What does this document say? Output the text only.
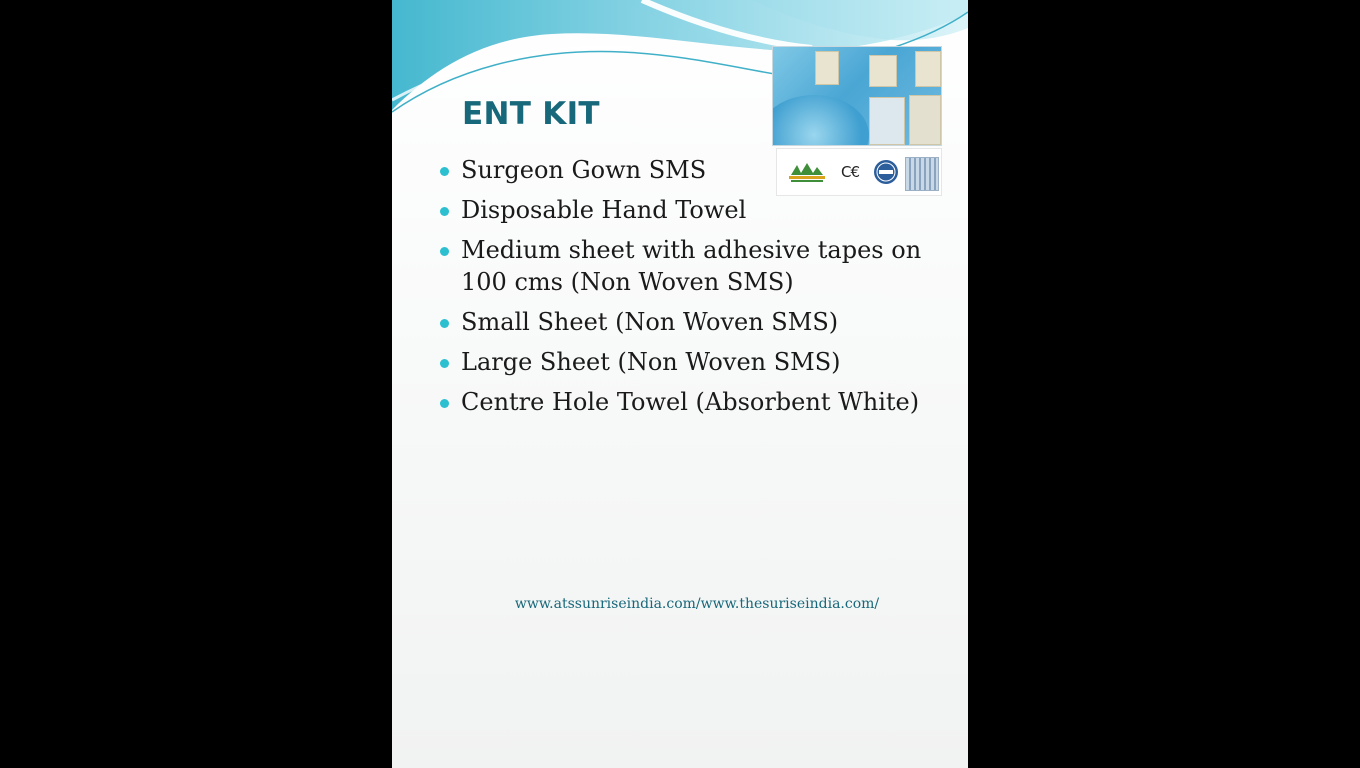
ENT KIT
Surgeon Gown SMS
Disposable Hand Towel
Medium sheet with adhesive tapes on 100 cms (Non Woven SMS)
Small Sheet (Non Woven SMS)
Large Sheet (Non Woven SMS)
Centre Hole Towel (Absorbent White)
C​€
www.atssunriseindia.com/www.thesuriseindia.com/
